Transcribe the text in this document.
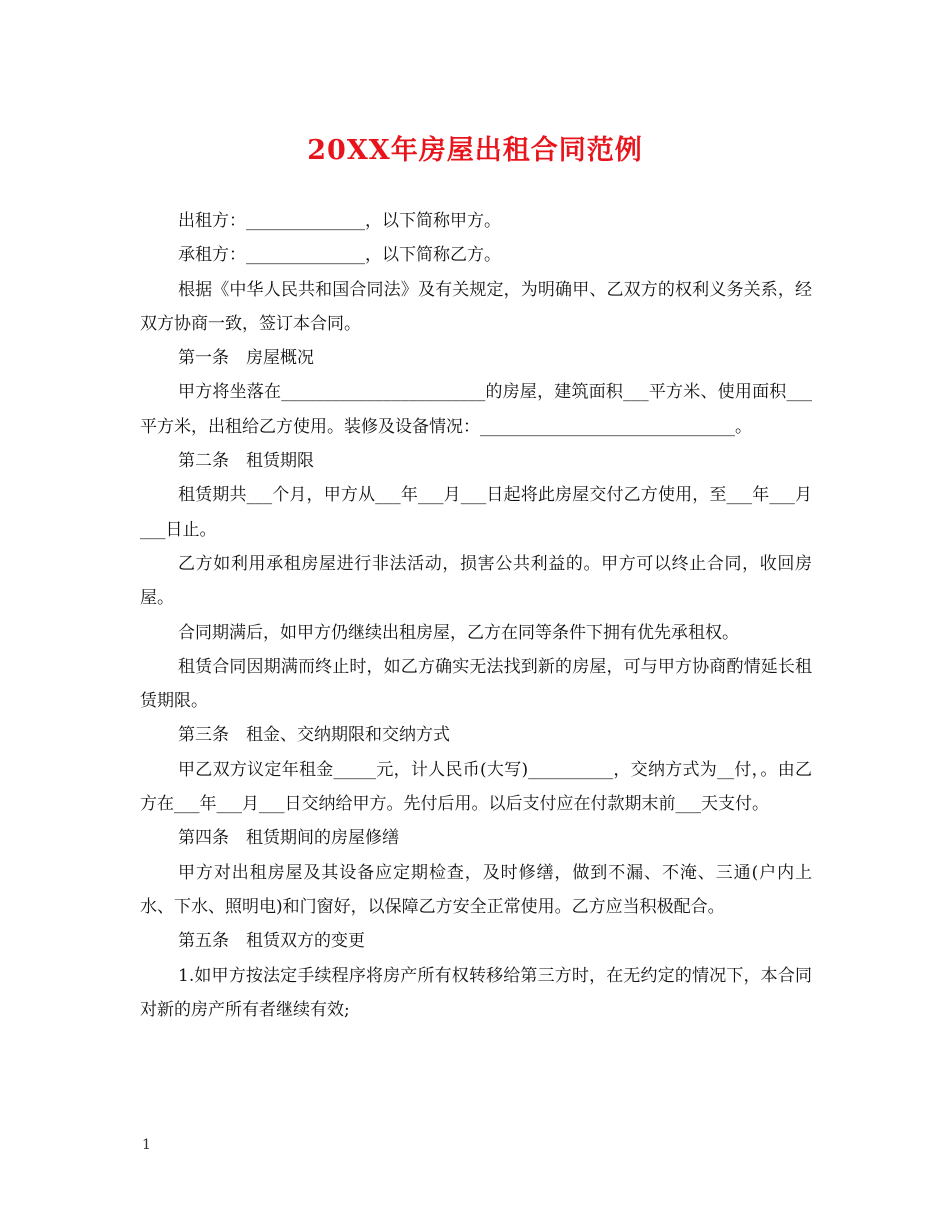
20XX年房屋出租合同范例

出租方：______________，以下简称甲方。

承租方：______________，以下简称乙方。

根据《中华人民共和国合同法》及有关规定，为明确甲、乙双方的权利义务关系，经双方协商一致，签订本合同。

第一条　房屋概况

甲方将坐落在________________________的房屋，建筑面积___平方米、使用面积___平方米，出租给乙方使用。装修及设备情况：______________________________。

第二条　租赁期限

租赁期共___个月，甲方从___年___月___日起将此房屋交付乙方使用，至___年___月___日止。

乙方如利用承租房屋进行非法活动，损害公共利益的。甲方可以终止合同，收回房屋。

合同期满后，如甲方仍继续出租房屋，乙方在同等条件下拥有优先承租权。

租赁合同因期满而终止时，如乙方确实无法找到新的房屋，可与甲方协商酌情延长租赁期限。

第三条　租金、交纳期限和交纳方式

甲乙双方议定年租金_____元，计人民币(大写)__________，交纳方式为__付，。由乙方在___年___月___日交纳给甲方。先付后用。以后支付应在付款期末前___天支付。

第四条　租赁期间的房屋修缮

甲方对出租房屋及其设备应定期检查，及时修缮，做到不漏、不淹、三通(户内上水、下水、照明电)和门窗好，以保障乙方安全正常使用。乙方应当积极配合。

第五条　租赁双方的变更

1.如甲方按法定手续程序将房产所有权转移给第三方时，在无约定的情况下，本合同对新的房产所有者继续有效;

1
